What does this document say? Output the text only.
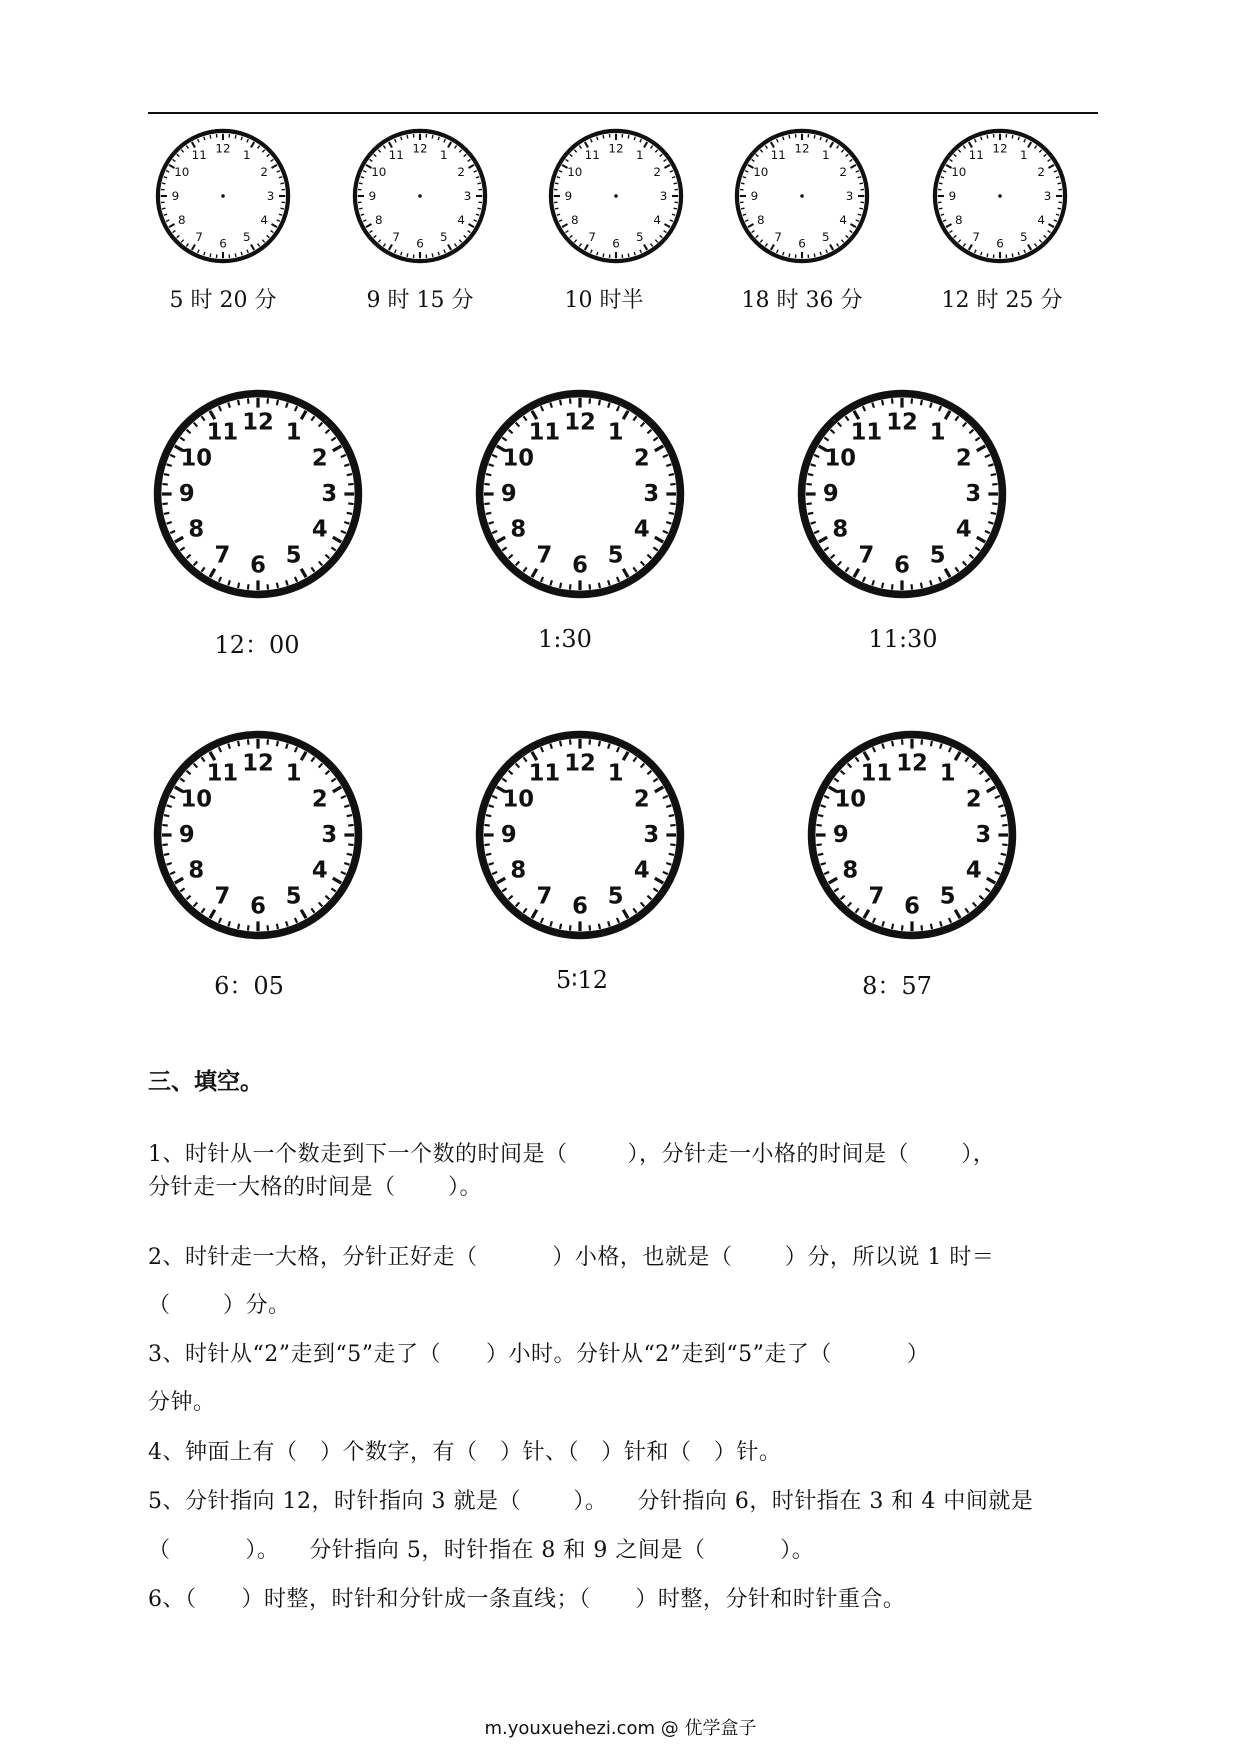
12 1
2
3
4
5
6
7
8
9
10
11	12 1
2
3
4
5
6
7
8
9
10
11	12 1
2
3
4
5
6
7
8
9
10
11	12 1
2
3
4
5
6
7
8
9
10
11	12 1
2
3
4
5
6
7
8
9
10
11
5 时 20 分	9 时 15 分	10 时半	18 时 36 分	12 时 25 分
12 1
2
3
4
5
6
7
8
9
10
11	12 1
2
3
4
5
6
7
8
9
10
11	12 1
2
3
4
5
6
7
8
9
10
11
12：00	1:30	11:30
12 1
2
3
4
5
6
7
8
9
10
11	12 1
2
3
4
5
6
7
8
9
10
11	12 1
2
3
4
5
6
7
8
9
10
11
6：05	5∶12	8：57
三、填空。
1、时针从一个数走到下一个数的时间是（        ），分针走一小格的时间是（       ），
分针走一大格的时间是（       ）。
2、时针走一大格，分针正好走（          ）小格，也就是（       ）分，所以说 1 时＝
（       ）分。
3、时针从“2”走到“5”走了（      ）小时。分针从“2”走到“5”走了（          ）
分钟。
4、钟面上有（   ）个数字，有（   ）针、（   ）针和（   ）针。
5、分针指向 12，时针指向 3 就是（       ）。    分针指向 6，时针指在 3 和 4 中间就是
（          ）。    分针指向 5，时针指在 8 和 9 之间是（          ）。
6、（      ）时整，时针和分针成一条直线；（      ）时整，分针和时针重合。
m.youxuehezi.com @ 优学盒子
